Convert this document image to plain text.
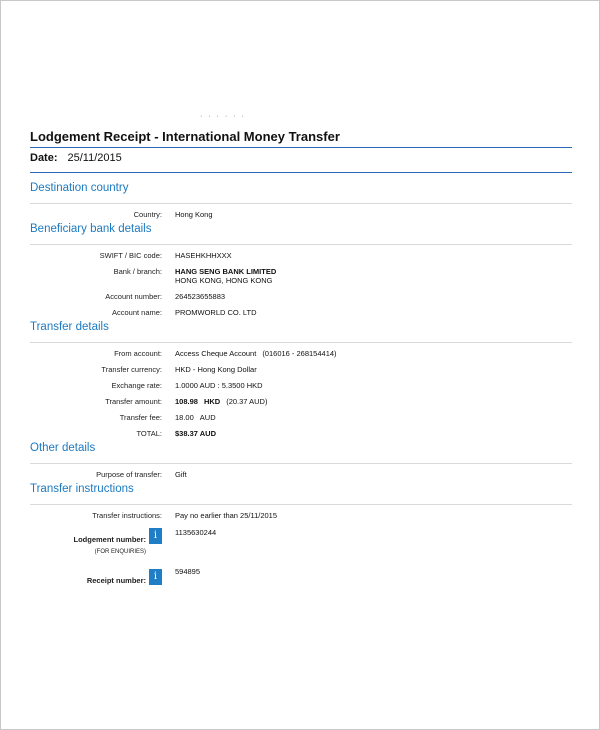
· · · · · ·
Lodgement Receipt - International Money Transfer
Date: 25/11/2015
Destination country
Country: Hong Kong
Beneficiary bank details
SWIFT / BIC code: HASEHKHHXXX
Bank / branch: HANG SENG BANK LIMITED
HONG KONG, HONG KONG
Account number: 264523655883
Account name: PROMWORLD CO. LTD
Transfer details
From account: Access Cheque Account (016016 - 268154414)
Transfer currency: HKD - Hong Kong Dollar
Exchange rate: 1.0000 AUD : 5.3500 HKD
Transfer amount: 108.98 HKD (20.37 AUD)
Transfer fee: 18.00 AUD
TOTAL: $38.37 AUD
Other details
Purpose of transfer: Gift
Transfer instructions
Transfer instructions: Pay no earlier than 25/11/2015
Lodgement number:
(FOR ENQUIRIES)
i	1135630244
Receipt number: i	594895
